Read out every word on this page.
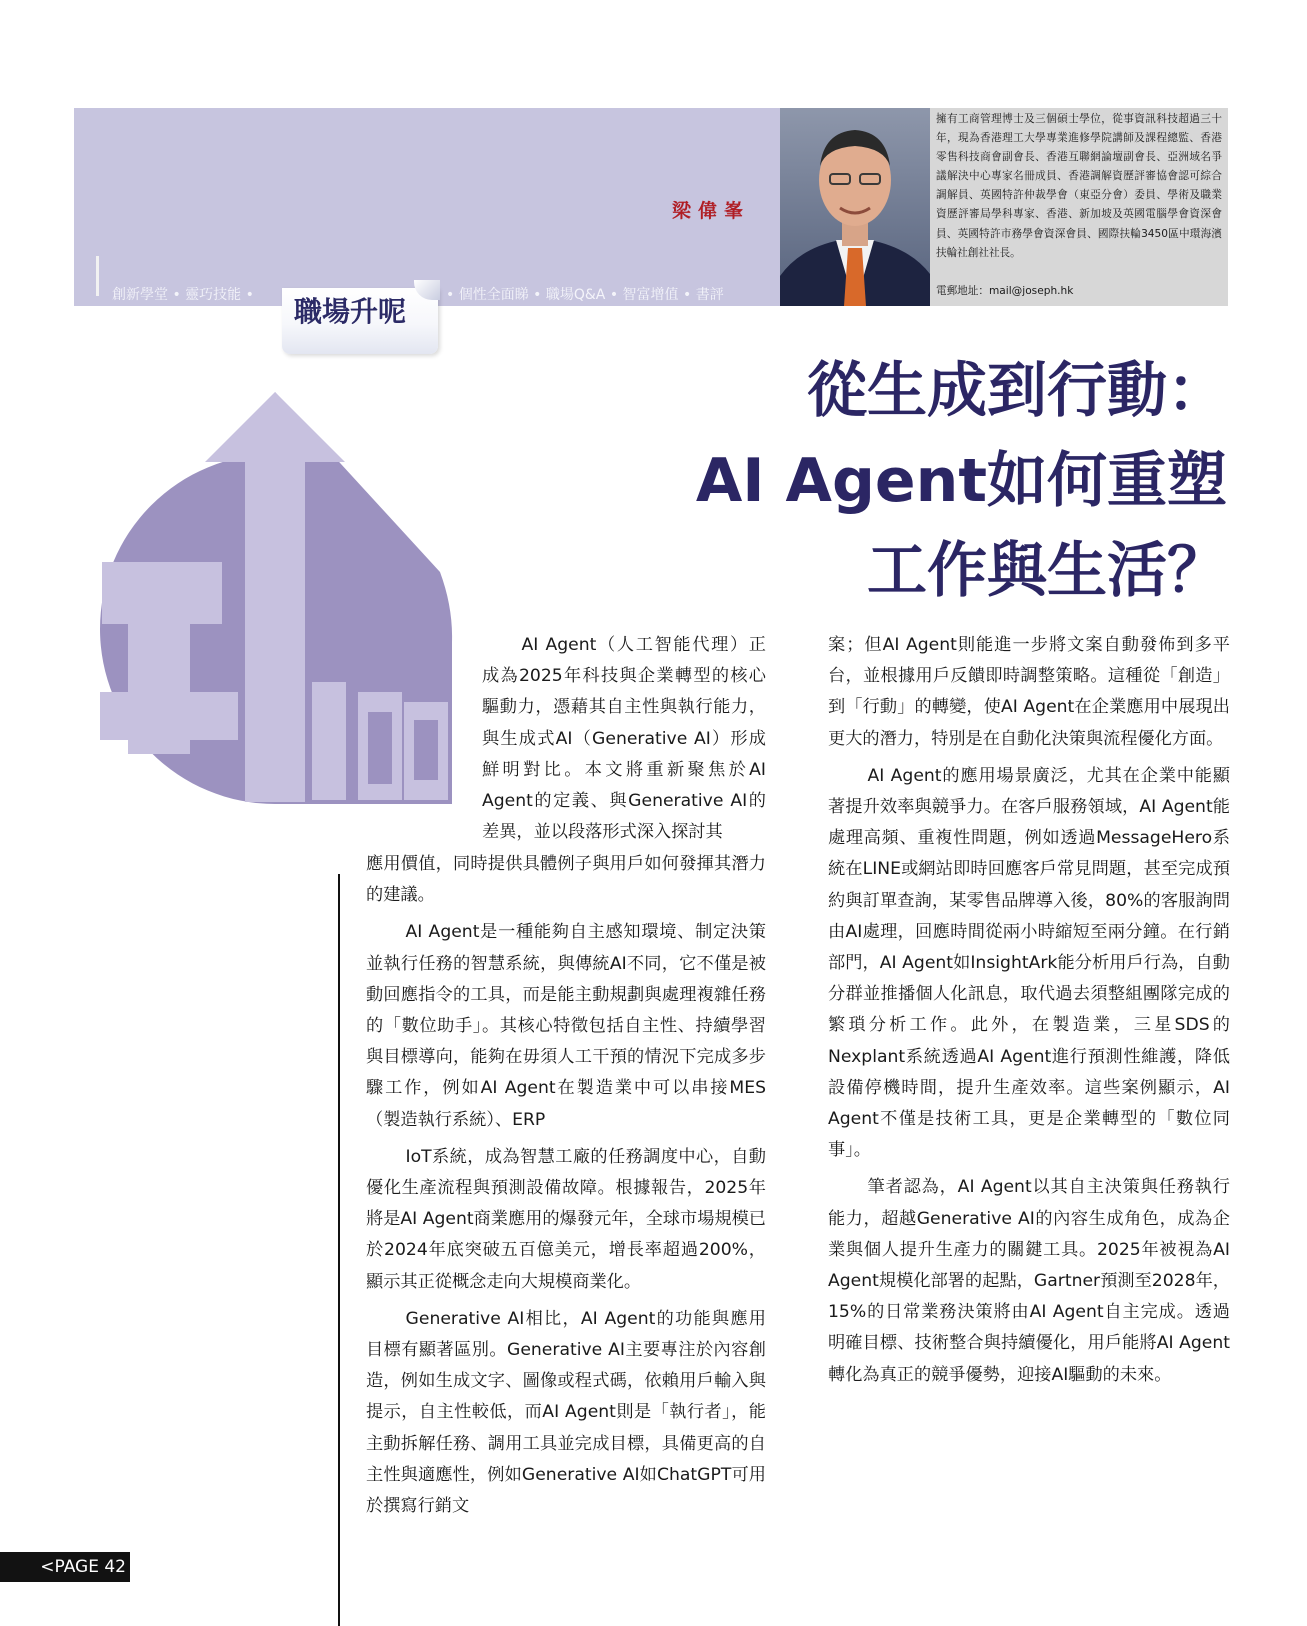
梁偉峯
創新學堂 • 靈巧技能 •	• 個性全面睇 • 職場Q&A • 智富增值 • 書評
職場升呢
擁有工商管理博士及三個碩士學位，從事資訊科技超過三十年，現為香港理工大學專業進修學院講師及課程總監、香港零售科技商會副會長、香港互聯網論壇副會長、亞洲域名爭議解決中心專家名冊成員、香港調解資歷評審協會認可綜合調解員、英國特許仲裁學會（東亞分會）委員、學術及職業資歷評審局學科專家、香港、新加坡及英國電腦學會資深會員、英國特許市務學會資深會員、國際扶輪3450區中環海濱扶輪社創社社長。
電郵地址：mail@joseph.hk
從生成到行動：
AI Agent如何重塑
工作與生活？

AI Agent（人工智能代理）正成為2025年科技與企業轉型的核心驅動力，憑藉其自主性與執行能力，與生成式AI（Generative AI）形成鮮明對比。本文將重新聚焦於AI Agent的定義、與Generative AI的差異，並以段落形式深入探討其

應用價值，同時提供具體例子與用戶如何發揮其潛力的建議。

AI Agent是一種能夠自主感知環境、制定決策並執行任務的智慧系統，與傳統AI不同，它不僅是被動回應指令的工具，而是能主動規劃與處理複雜任務的「數位助手」。其核心特徵包括自主性、持續學習與目標導向，能夠在毋須人工干預的情況下完成多步驟工作，例如AI Agent在製造業中可以串接MES（製造執行系統）、ERP

IoT系統，成為智慧工廠的任務調度中心，自動優化生產流程與預測設備故障。根據報告，2025年將是AI Agent商業應用的爆發元年，全球市場規模已於2024年底突破五百億美元，增長率超過200%，顯示其正從概念走向大規模商業化。

Generative AI相比，AI Agent的功能與應用目標有顯著區別。Generative AI主要專注於內容創造，例如生成文字、圖像或程式碼，依賴用戶輸入與提示，自主性較低，而AI Agent則是「執行者」，能主動拆解任務、調用工具並完成目標，具備更高的自主性與適應性，例如Generative AI如ChatGPT可用於撰寫行銷文

案；但AI Agent則能進一步將文案自動發佈到多平台，並根據用戶反饋即時調整策略。這種從「創造」到「行動」的轉變，使AI Agent在企業應用中展現出更大的潛力，特別是在自動化決策與流程優化方面。

AI Agent的應用場景廣泛，尤其在企業中能顯著提升效率與競爭力。在客戶服務領域，AI Agent能處理高頻、重複性問題，例如透過MessageHero系統在LINE或網站即時回應客戶常見問題，甚至完成預約與訂單查詢，某零售品牌導入後，80%的客服詢問由AI處理，回應時間從兩小時縮短至兩分鐘。在行銷部門，AI Agent如InsightArk能分析用戶行為，自動分群並推播個人化訊息，取代過去須整組團隊完成的繁瑣分析工作。此外，在製造業，三星SDS的Nexplant系統透過AI Agent進行預測性維護，降低設備停機時間，提升生產效率。這些案例顯示，AI Agent不僅是技術工具，更是企業轉型的「數位同事」。

筆者認為，AI Agent以其自主決策與任務執行能力，超越Generative AI的內容生成角色，成為企業與個人提升生產力的關鍵工具。2025年被視為AI Agent規模化部署的起點，Gartner預測至2028年，15%的日常業務決策將由AI Agent自主完成。透過明確目標、技術整合與持續優化，用戶能將AI Agent轉化為真正的競爭優勢，迎接AI驅動的未來。

<PAGE 42
